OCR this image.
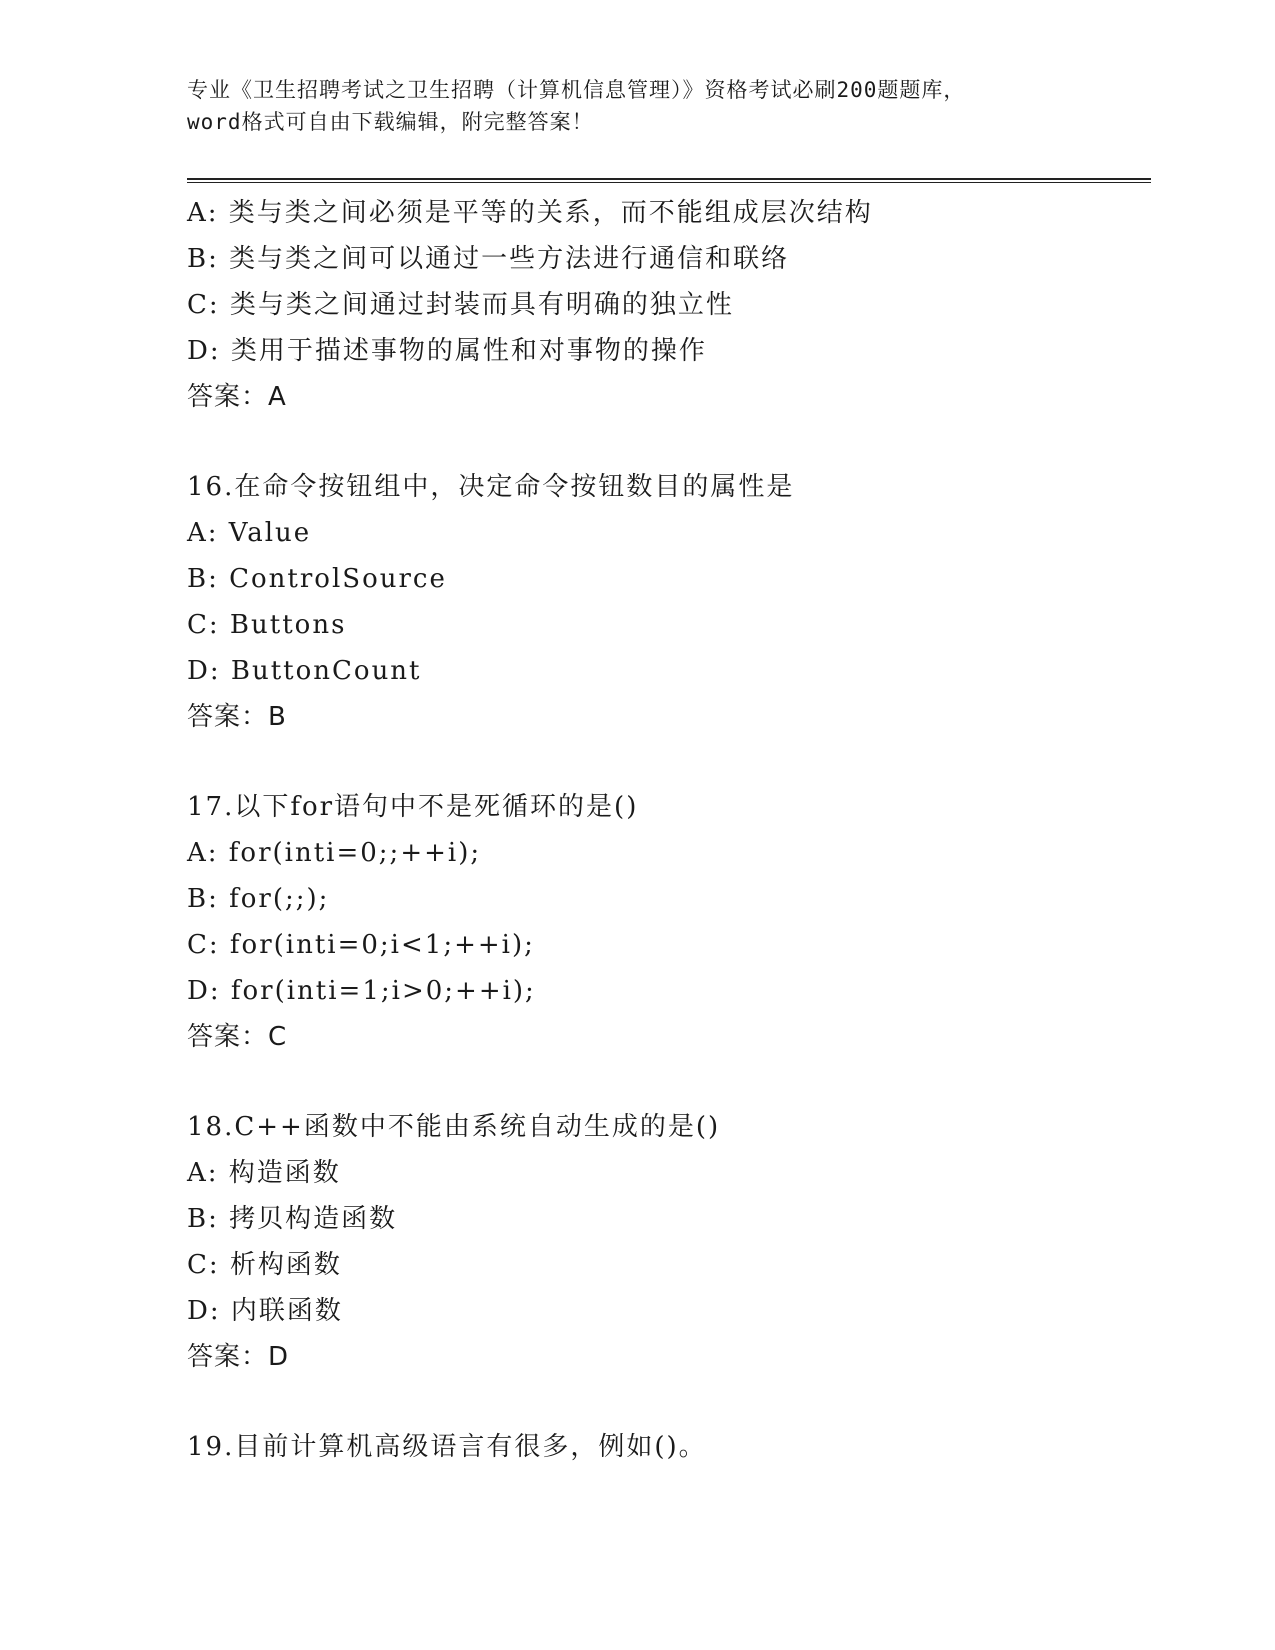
专业《卫生招聘考试之卫生招聘（计算机信息管理）》资格考试必刷200题题库，
word格式可自由下载编辑，附完整答案！
A: 类与类之间必须是平等的关系，而不能组成层次结构
B: 类与类之间可以通过一些方法进行通信和联络
C: 类与类之间通过封装而具有明确的独立性
D: 类用于描述事物的属性和对事物的操作
答案：A
16.在命令按钮组中，决定命令按钮数目的属性是
A: Value
B: ControlSource
C: Buttons
D: ButtonCount
答案：B
17.以下for语句中不是死循环的是()
A: for(inti=0;;++i);
B: for(;;);
C: for(inti=0;i<1;++i);
D: for(inti=1;i>0;++i);
答案：C
18.C++函数中不能由系统自动生成的是()
A: 构造函数
B: 拷贝构造函数
C: 析构函数
D: 内联函数
答案：D
19.目前计算机高级语言有很多，例如()。
